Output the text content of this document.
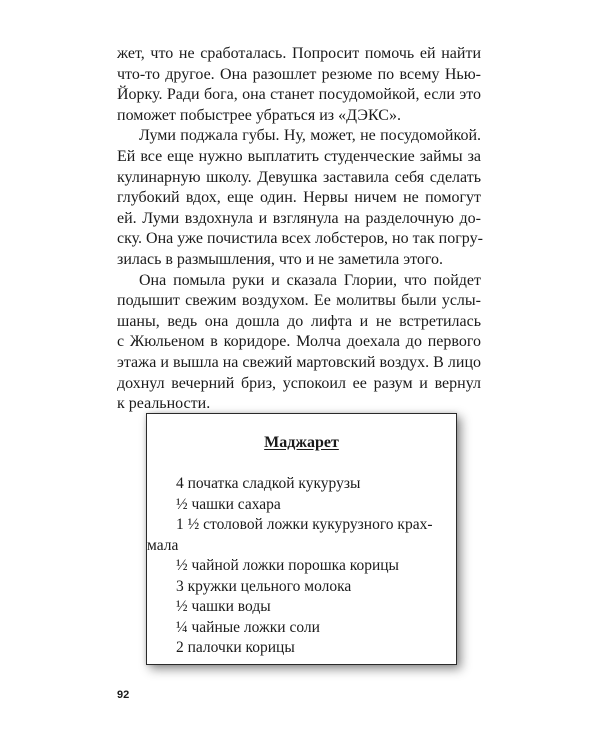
жет, что не сработалась. Попросит помочь ей найти
что-то другое. Она разошлет резюме по всему Нью-
Йорку. Ради бога, она станет посудомойкой, если это
поможет побыстрее убраться из «ДЭКС».

Луми поджала губы. Ну, может, не посудомойкой.
Ей все еще нужно выплатить студенческие займы за
кулинарную школу. Девушка заставила себя сделать
глубокий вдох, еще один. Нервы ничем не помогут
ей. Луми вздохнула и взглянула на разделочную до-
ску. Она уже почистила всех лобстеров, но так погру-
зилась в размышления, что и не заметила этого.

Она помыла руки и сказала Глории, что пойдет
подышит свежим воздухом. Ее молитвы были услы-
шаны, ведь она дошла до лифта и не встретилась
с Жюльеном в коридоре. Молча доехала до первого
этажа и вышла на свежий мартовский воздух. В лицо
дохнул вечерний бриз, успокоил ее разум и вернул
к реальности.

Маджарет
4 початка сладкой кукурузы
½ чашки сахара
1 ½ столовой ложки кукурузного крах-
мала
½ чайной ложки порошка корицы
3 кружки цельного молока
½ чашки воды
¼ чайные ложки соли
2 палочки корицы
92
